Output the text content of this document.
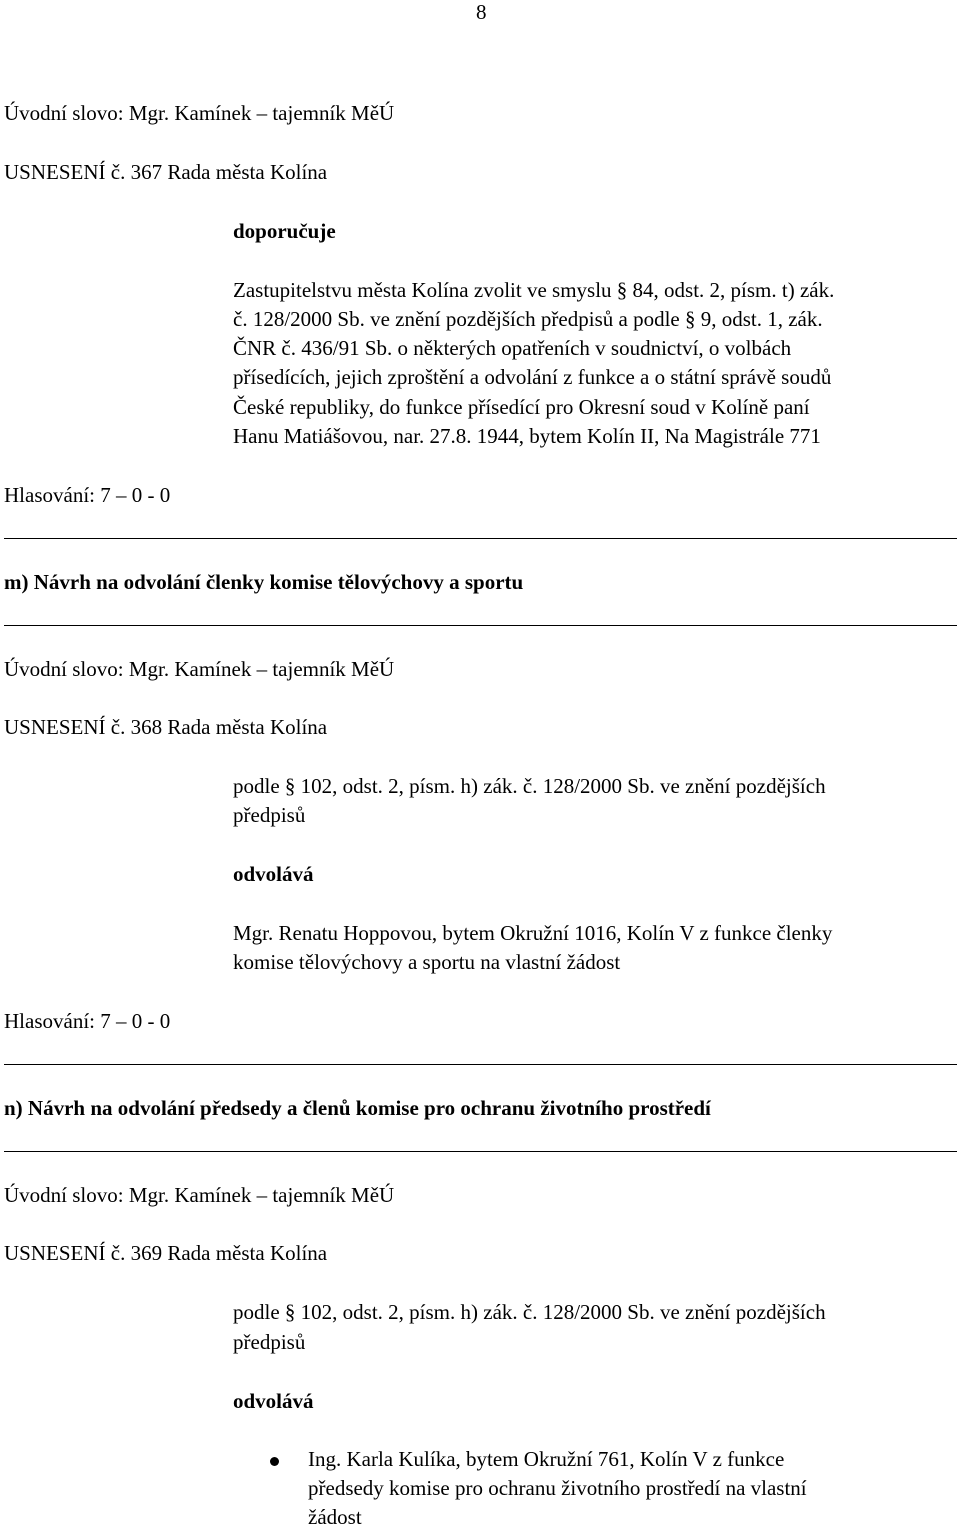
8
Úvodní slovo: Mgr. Kamínek – tajemník MěÚ
USNESENÍ č. 367 Rada města Kolína
doporučuje
Zastupitelstvu města Kolína zvolit ve smyslu § 84, odst. 2, písm. t) zák.
č. 128/2000 Sb. ve znění pozdějších předpisů a podle § 9, odst. 1, zák.
ČNR č. 436/91 Sb. o některých opatřeních v soudnictví, o volbách
přísedících, jejich zproštění a odvolání z funkce a o státní správě soudů
České republiky, do funkce přísedící pro Okresní soud v Kolíně paní
Hanu Matiášovou, nar. 27.8. 1944, bytem Kolín II, Na Magistrále 771
Hlasování: 7 – 0 - 0
m) Návrh na odvolání členky komise tělovýchovy a sportu
Úvodní slovo: Mgr. Kamínek – tajemník MěÚ
USNESENÍ č. 368 Rada města Kolína
podle § 102, odst. 2, písm. h) zák. č. 128/2000 Sb. ve znění pozdějších
předpisů
odvolává
Mgr. Renatu Hoppovou, bytem Okružní 1016, Kolín V z funkce členky
komise tělovýchovy a sportu na vlastní žádost
Hlasování: 7 – 0 - 0
n) Návrh na odvolání předsedy a členů komise pro ochranu životního prostředí
Úvodní slovo: Mgr. Kamínek – tajemník MěÚ
USNESENÍ č. 369 Rada města Kolína
podle § 102, odst. 2, písm. h) zák. č. 128/2000 Sb. ve znění pozdějších
předpisů
odvolává
Ing. Karla Kulíka, bytem Okružní 761, Kolín V z funkce
předsedy komise pro ochranu životního prostředí na vlastní
žádost
